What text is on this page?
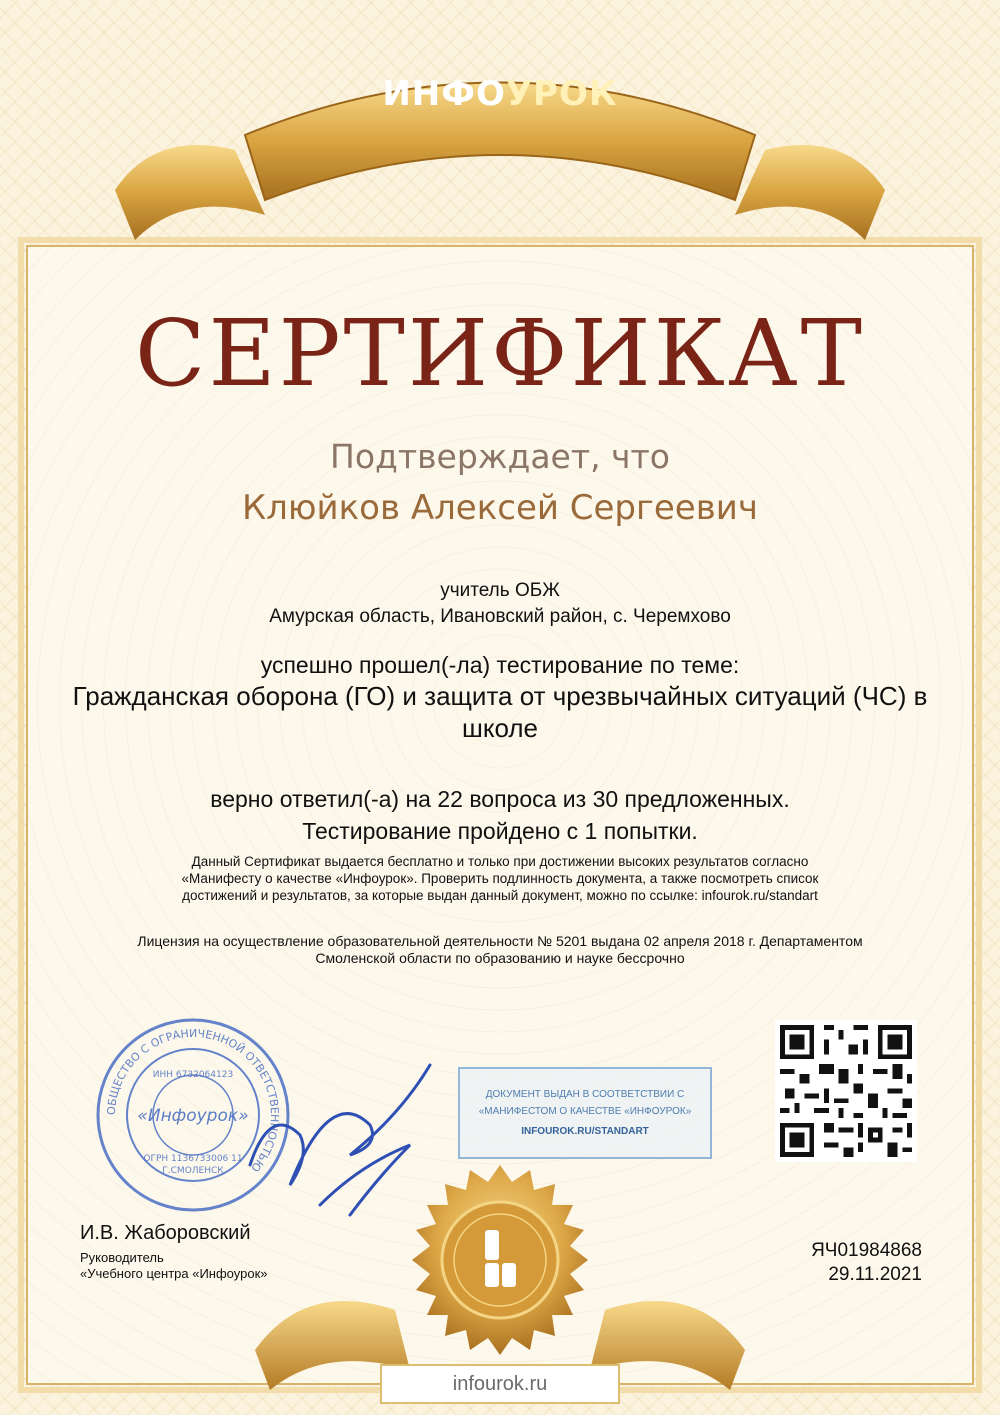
ИНФОУРОК
СЕРТИФИКАТ
Подтверждает, что
Клюйков Алексей Сергеевич
учитель ОБЖ
Амурская область, Ивановский район, с. Черемхово
успешно прошел(-ла) тестирование по теме:
Гражданская оборона (ГО) и защита от чрезвычайных ситуаций (ЧС) в школе
верно ответил(-а) на 22 вопроса из 30 предложенных.
Тестирование пройдено с 1 попытки.
Данный Сертификат выдается бесплатно и только при достижении высоких результатов согласно «Манифесту о качестве «Инфоурок». Проверить подлинность документа, а также посмотреть список достижений и результатов, за которые выдан данный документ, можно по ссылке: infourok.ru/standart
Лицензия на осуществление образовательной деятельности № 5201 выдана 02 апреля 2018 г. Департаментом Смоленской области по образованию и науке бессрочно
ОБЩЕСТВО С ОГРАНИЧЕННОЙ ОТВЕТСТВЕННОСТЬЮ
«Инфоурок»
ИНН 6732064123
ОГРН 1136733006 11
Г.СМОЛЕНСК
ДОКУМЕНТ ВЫДАН В СООТВЕТСТВИИ С
«МАНИФЕСТОМ О КАЧЕСТВЕ «ИНФОУРОК»
INFOUROK.RU/STANDART
И.В. Жаборовский
Руководитель
«Учебного центра «Инфоурок»
ЯЧ01984868
29.11.2021
infourok.ru
